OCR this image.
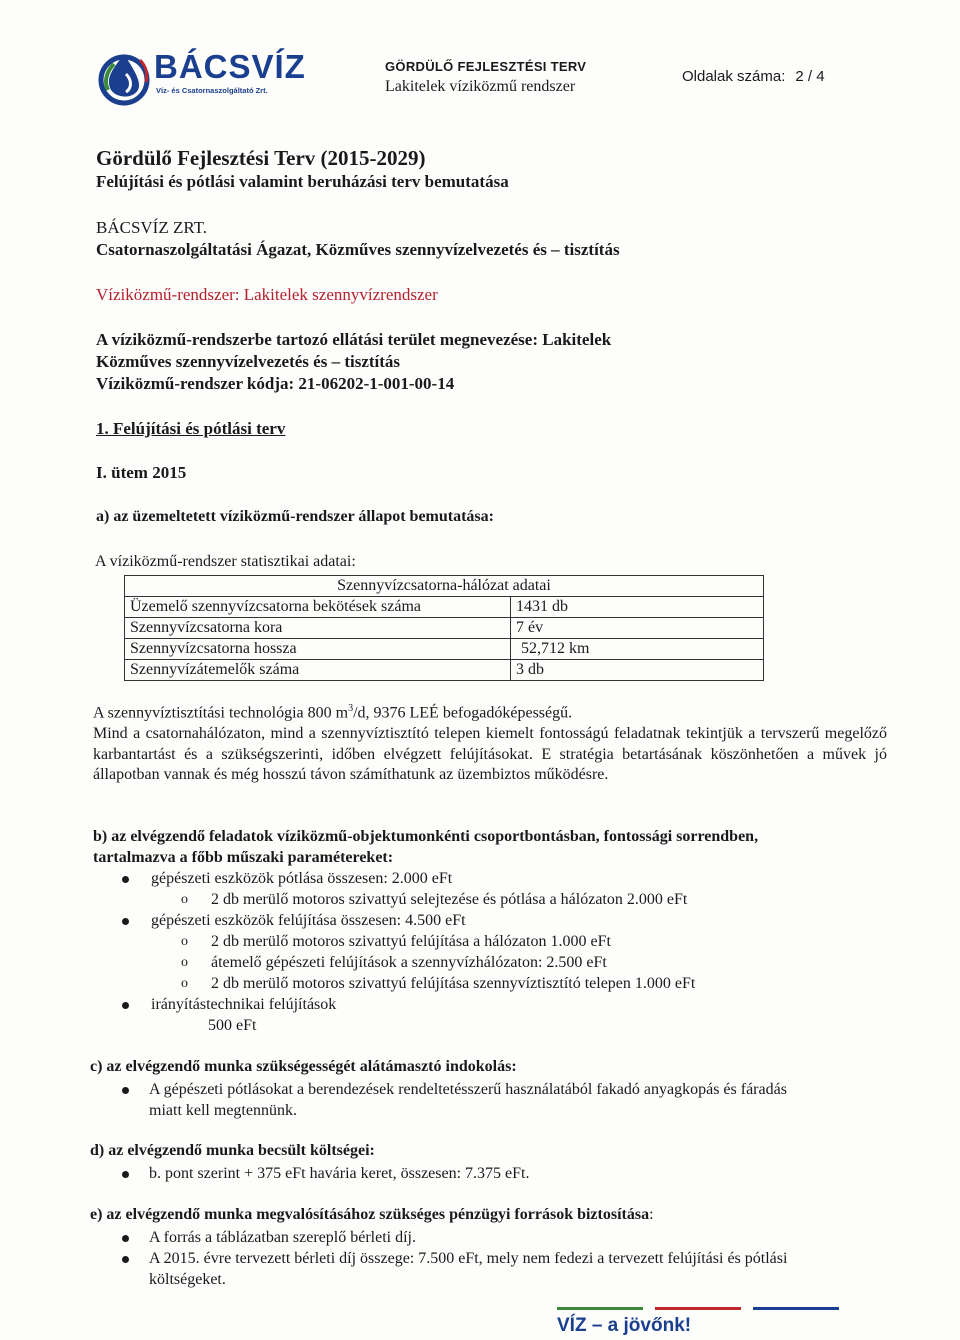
BÁCSVÍZ
Víz- és Csatornaszolgáltató Zrt.
GÖRDÜLŐ FEJLESZTÉSI TERV
Lakitelek víziközmű rendszer
Oldalak száma: 2 / 4
Gördülő Fejlesztési Terv (2015-2029)
Felújítási és pótlási valamint beruházási terv bemutatása
BÁCSVÍZ ZRT.
Csatornaszolgáltatási Ágazat, Közműves szennyvízelvezetés és – tisztítás
Víziközmű-rendszer: Lakitelek szennyvízrendszer
A víziközmű-rendszerbe tartozó ellátási terület megnevezése: Lakitelek
Közműves szennyvízelvezetés és – tisztítás
Víziközmű-rendszer kódja: 21-06202-1-001-00-14
1. Felújítási és pótlási terv
I. ütem 2015
a) az üzemeltetett víziközmű-rendszer állapot bemutatása:
A víziközmű-rendszer statisztikai adatai:
Szennyvízcsatorna-hálózat adatai	
Üzemelő szennyvízcsatorna bekötések száma	1431 db
Szennyvízcsatorna kora	7 év
Szennyvízcsatorna hossza	52,712 km
Szennyvízátemelők száma	3 db
A szennyvíztisztítási technológia 800 $m^3/d$, 9376 LEÉ befogadóképességű.
Mind a csatornahálózaton, mind a szennyvíztisztító telepen kiemelt fontosságú feladatnak tekintjük a tervszerű megelőző karbantartást és a szükségszerinti, időben elvégzett felújításokat. E stratégia betartásának köszönhetően a művek jó állapotban vannak és még hosszú távon számíthatunk az üzembiztos működésre.
b) az elvégzendő feladatok víziközmű-objektumonkénti csoportbontásban, fontossági sorrendben,
tartalmazva a főbb műszaki paramétereket:
gépészeti eszközök pótlása összesen: 2.000 eFt
o 2 db merülő motoros szivattyú selejtezése és pótlása a hálózaton 2.000 eFt
gépészeti eszközök felújítása összesen: 4.500 eFt
o 2 db merülő motoros szivattyú felújítása a hálózaton 1.000 eFt
o átemelő gépészeti felújítások a szennyvízhálózaton: 2.500 eFt
o 2 db merülő motoros szivattyú felújítása szennyvíztisztító telepen 1.000 eFt
irányítástechnikai felújítások
500 eFt
c) az elvégzendő munka szükségességét alátámasztó indokolás:
A gépészeti pótlásokat a berendezések rendeltetésszerű használatából fakadó anyagkopás és fáradás
miatt kell megtennünk.
d) az elvégzendő munka becsült költségei:
b. pont szerint + 375 eFt havária keret, összesen: 7.375 eFt.
e) az elvégzendő munka megvalósításához szükséges pénzügyi források biztosítása:
A forrás a táblázatban szereplő bérleti díj.
A 2015. évre tervezett bérleti díj összege: 7.500 eFt, mely nem fedezi a tervezett felújítási és pótlási
költségeket.
VÍZ – a jövőnk!
